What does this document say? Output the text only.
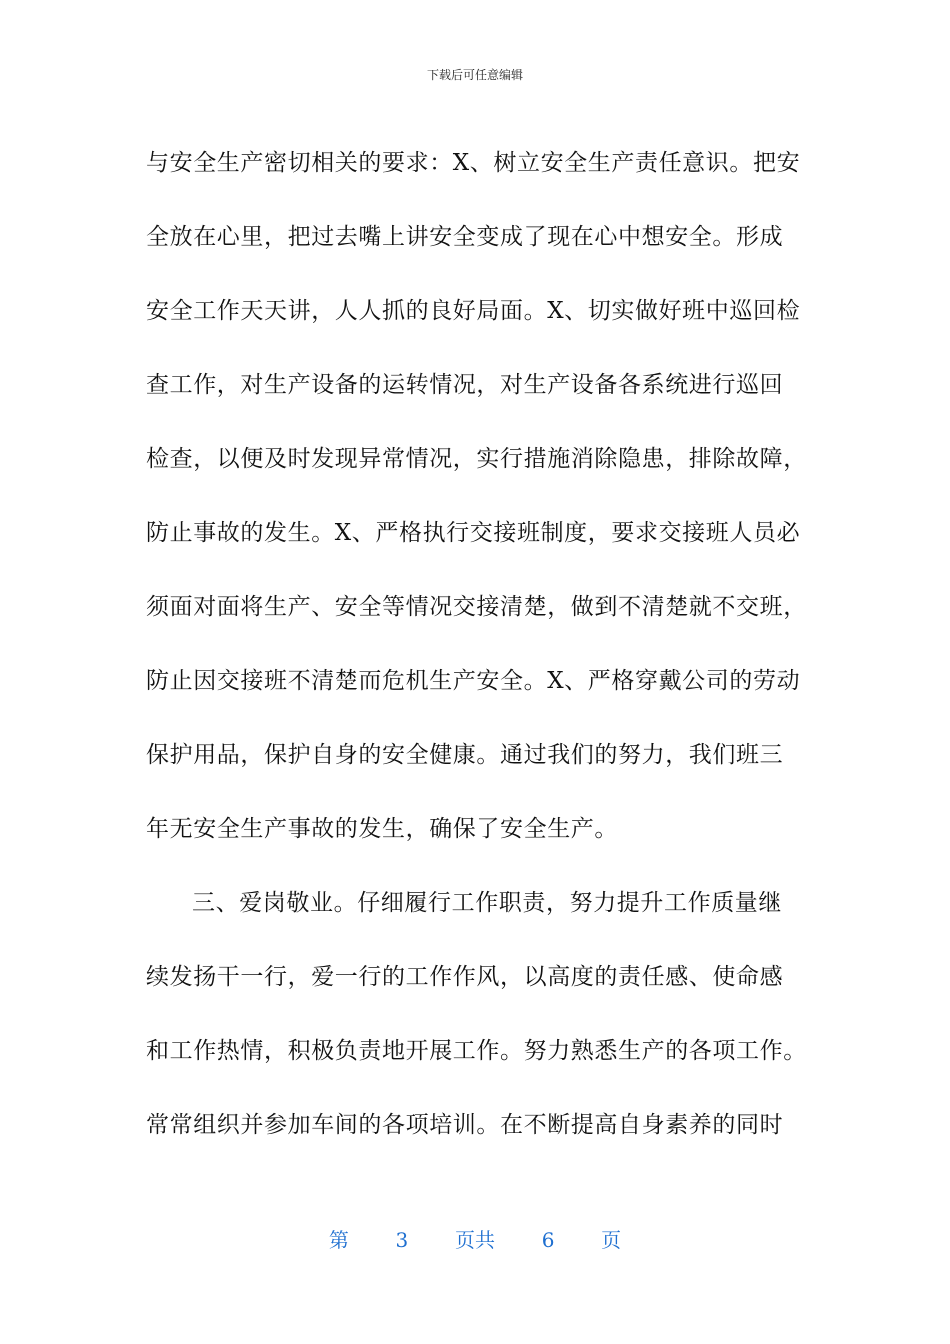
下载后可任意编辑
与安全生产密切相关的要求：X、树立安全生产责任意识。把安
全放在心里，把过去嘴上讲安全变成了现在心中想安全。形成
安全工作天天讲，人人抓的良好局面。X、切实做好班中巡回检
查工作，对生产设备的运转情况，对生产设备各系统进行巡回
检查，以便及时发现异常情况，实行措施消除隐患，排除故障，
防止事故的发生。X、严格执行交接班制度，要求交接班人员必
须面对面将生产、安全等情况交接清楚，做到不清楚就不交班，
防止因交接班不清楚而危机生产安全。X、严格穿戴公司的劳动
保护用品，保护自身的安全健康。通过我们的努力，我们班三
年无安全生产事故的发生，确保了安全生产。
三、爱岗敬业。仔细履行工作职责，努力提升工作质量继
续发扬干一行，爱一行的工作作风，以高度的责任感、使命感
和工作热情，积极负责地开展工作。努力熟悉生产的各项工作。
常常组织并参加车间的各项培训。在不断提高自身素养的同时
第 3 页共 6 页
